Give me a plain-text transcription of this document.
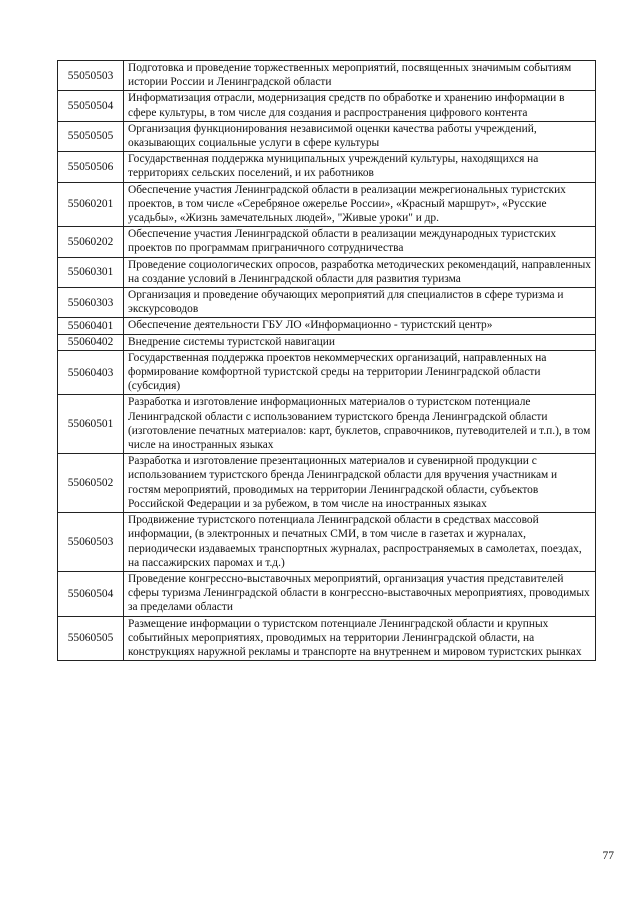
55050503	Подготовка и проведение торжественных мероприятий, посвященных значимым событиям истории России и Ленинградской области
55050504	Информатизация отрасли, модернизация средств по обработке и хранению информации в сфере культуры, в том числе для создания и распространения цифрового контента
55050505	Организация функционирования независимой оценки качества работы учреждений, оказывающих социальные услуги в сфере культуры
55050506	Государственная поддержка муниципальных учреждений культуры, находящихся на территориях сельских поселений, и их работников
55060201	Обеспечение участия Ленинградской области в реализации межрегиональных туристских проектов, в том числе «Серебряное ожерелье России», «Красный маршрут», «Русские усадьбы», «Жизнь замечательных людей», "Живые уроки" и др.
55060202	Обеспечение участия Ленинградской области в реализации международных туристских проектов по программам приграничного сотрудничества
55060301	Проведение социологических опросов, разработка методических рекомендаций, направленных на создание условий в Ленинградской области для развития туризма
55060303	Организация и проведение обучающих мероприятий для специалистов в сфере туризма и экскурсоводов
55060401	Обеспечение деятельности ГБУ ЛО «Информационно - туристский центр»
55060402	Внедрение системы туристской навигации
55060403	Государственная поддержка проектов некоммерческих организаций, направленных на формирование комфортной туристской среды на территории Ленинградской области (субсидия)
55060501	Разработка и изготовление информационных материалов о туристском потенциале Ленинградской области с использованием туристского бренда Ленинградской области (изготовление печатных материалов: карт, буклетов, справочников, путеводителей и т.п.), в том числе на иностранных языках
55060502	Разработка и изготовление презентационных материалов и сувенирной продукции с использованием туристского бренда Ленинградской области для вручения участникам и гостям мероприятий, проводимых на территории Ленинградской области, субъектов Российской Федерации и за рубежом, в том числе на иностранных языках
55060503	Продвижение туристского потенциала Ленинградской области в средствах массовой информации, (в электронных и печатных СМИ, в том числе в газетах и журналах, периодически издаваемых транспортных журналах, распространяемых в самолетах, поездах, на пассажирских паромах и т.д.)
55060504	Проведение конгрессно-выставочных мероприятий, организация участия представителей сферы туризма Ленинградской области в конгрессно-выставочных мероприятиях, проводимых за пределами области
55060505	Размещение информации о туристском потенциале Ленинградской области и крупных событийных мероприятиях, проводимых на территории Ленинградской области, на конструкциях наружной рекламы и транспорте на внутреннем и мировом туристских рынках
77
